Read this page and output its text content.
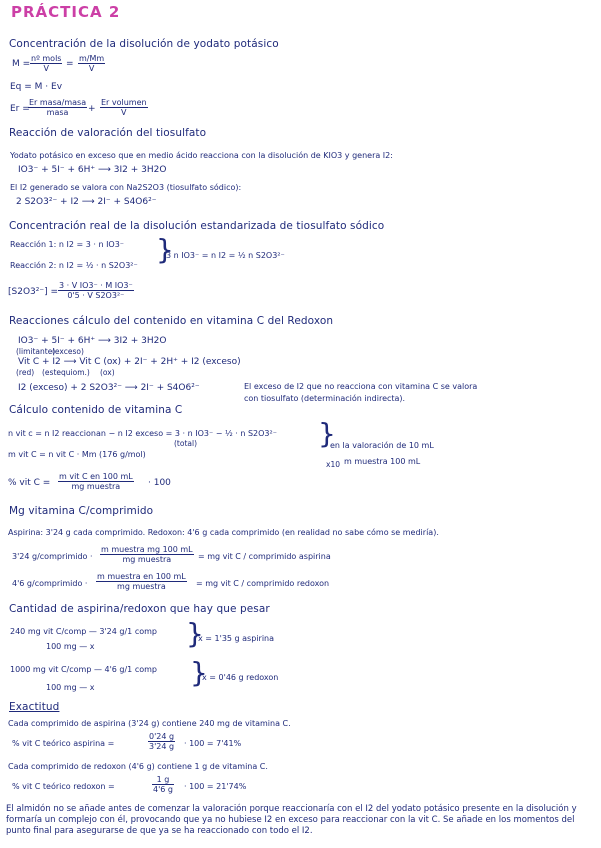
PRÁCTICA 2
Concentración de la disolución de yodato potásico
M =
nº mols
V	= $\frac{m/Mm}{V}$
Eq = M · Ev
Er =
Er masa/masa
masa	+
Er volumen
V
Reacción de valoración del tiosulfato
Yodato potásico en exceso que en medio ácido reacciona con la disolución de KIO3 y genera I2:
IO3⁻ + 5I⁻ + 6H⁺ ⟶ 3I2 + 3H2O
El I2 generado se valora con Na2S2O3 (tiosulfato sódico):
2 S2O3²⁻ + I2 ⟶ 2I⁻ + S4O6²⁻
Concentración real de la disolución estandarizada de tiosulfato sódico
Reacción 1: n I2 = 3 · n IO3⁻
Reacción 2: n I2 = ½ · n S2O3²⁻ }
3 n IO3⁻ = n I2 = ½ n S2O3²⁻
$[S2O3^{2-}] = \frac{\text{3 · V IO3⁻ · M IO3⁻}}{\text{0'5 · V S2O3²⁻}}$
Reacciones cálculo del contenido en vitamina C del Redoxon
IO3⁻ + 5I⁻ + 6H⁺ ⟶ 3I2 + 3H2O
(limitante)
(exceso)
Vit C + I2 ⟶ Vit C (ox) + 2I⁻ + 2H⁺ + I2 (exceso)
(red) (estequiom.) (ox)
I2 (exceso) + 2 S2O3²⁻ ⟶ 2I⁻ + S4O6²⁻	El exceso de I2 que no reacciona con vitamina C se valora
con tiosulfato (determinación indirecta).
Cálculo contenido de vitamina C
n vit c = n I2 reaccionan − n I2 exceso = 3 · n IO3⁻ − ½ · n S2O3²⁻
(total)	}
en la valoración de 10 mL
m vit C = n vit C · Mm (176 g/mol)
x10 m muestra 100 mL
% vit C =
m vit C en 100 mL
mg muestra	· 100
Mg vitamina C/comprimido
Aspirina: 3'24 g cada comprimido. Redoxon: 4'6 g cada comprimido (en realidad no sabe cómo se mediría).
3'24 g/comprimido ·
m muestra mg 100 mL
mg muestra	= mg vit C / comprimido aspirina
4'6 g/comprimido ·
m muestra en 100 mL
mg muestra	= mg vit C / comprimido redoxon
Cantidad de aspirina/redoxon que hay que pesar
240 mg vit C/comp — 3'24 g/1 comp
100 mg — x	}
x = 1'35 g aspirina
1000 mg vit C/comp — 4'6 g/1 comp
100 mg — x	}
x = 0'46 g redoxon
Exactitud
Cada comprimido de aspirina (3'24 g) contiene 240 mg de vitamina C.
% vit C teórico aspirina =	$\frac{0'24 g}{3'24 g} \cdot 100 = 7'41\%$
Cada comprimido de redoxon (4'6 g) contiene 1 g de vitamina C.
% vit C teórico redoxon =	$\frac{1 g}{4'6 g} \cdot 100 = 21'74\%$
El almidón no se añade antes de comenzar la valoración porque reaccionaría con el I2 del yodato potásico presente en la disolución y formaría un complejo con él, provocando que ya no hubiese I2 en exceso para reaccionar con la vit C. Se añade en los momentos del punto final para asegurarse de que ya se ha reaccionado con todo el I2.
